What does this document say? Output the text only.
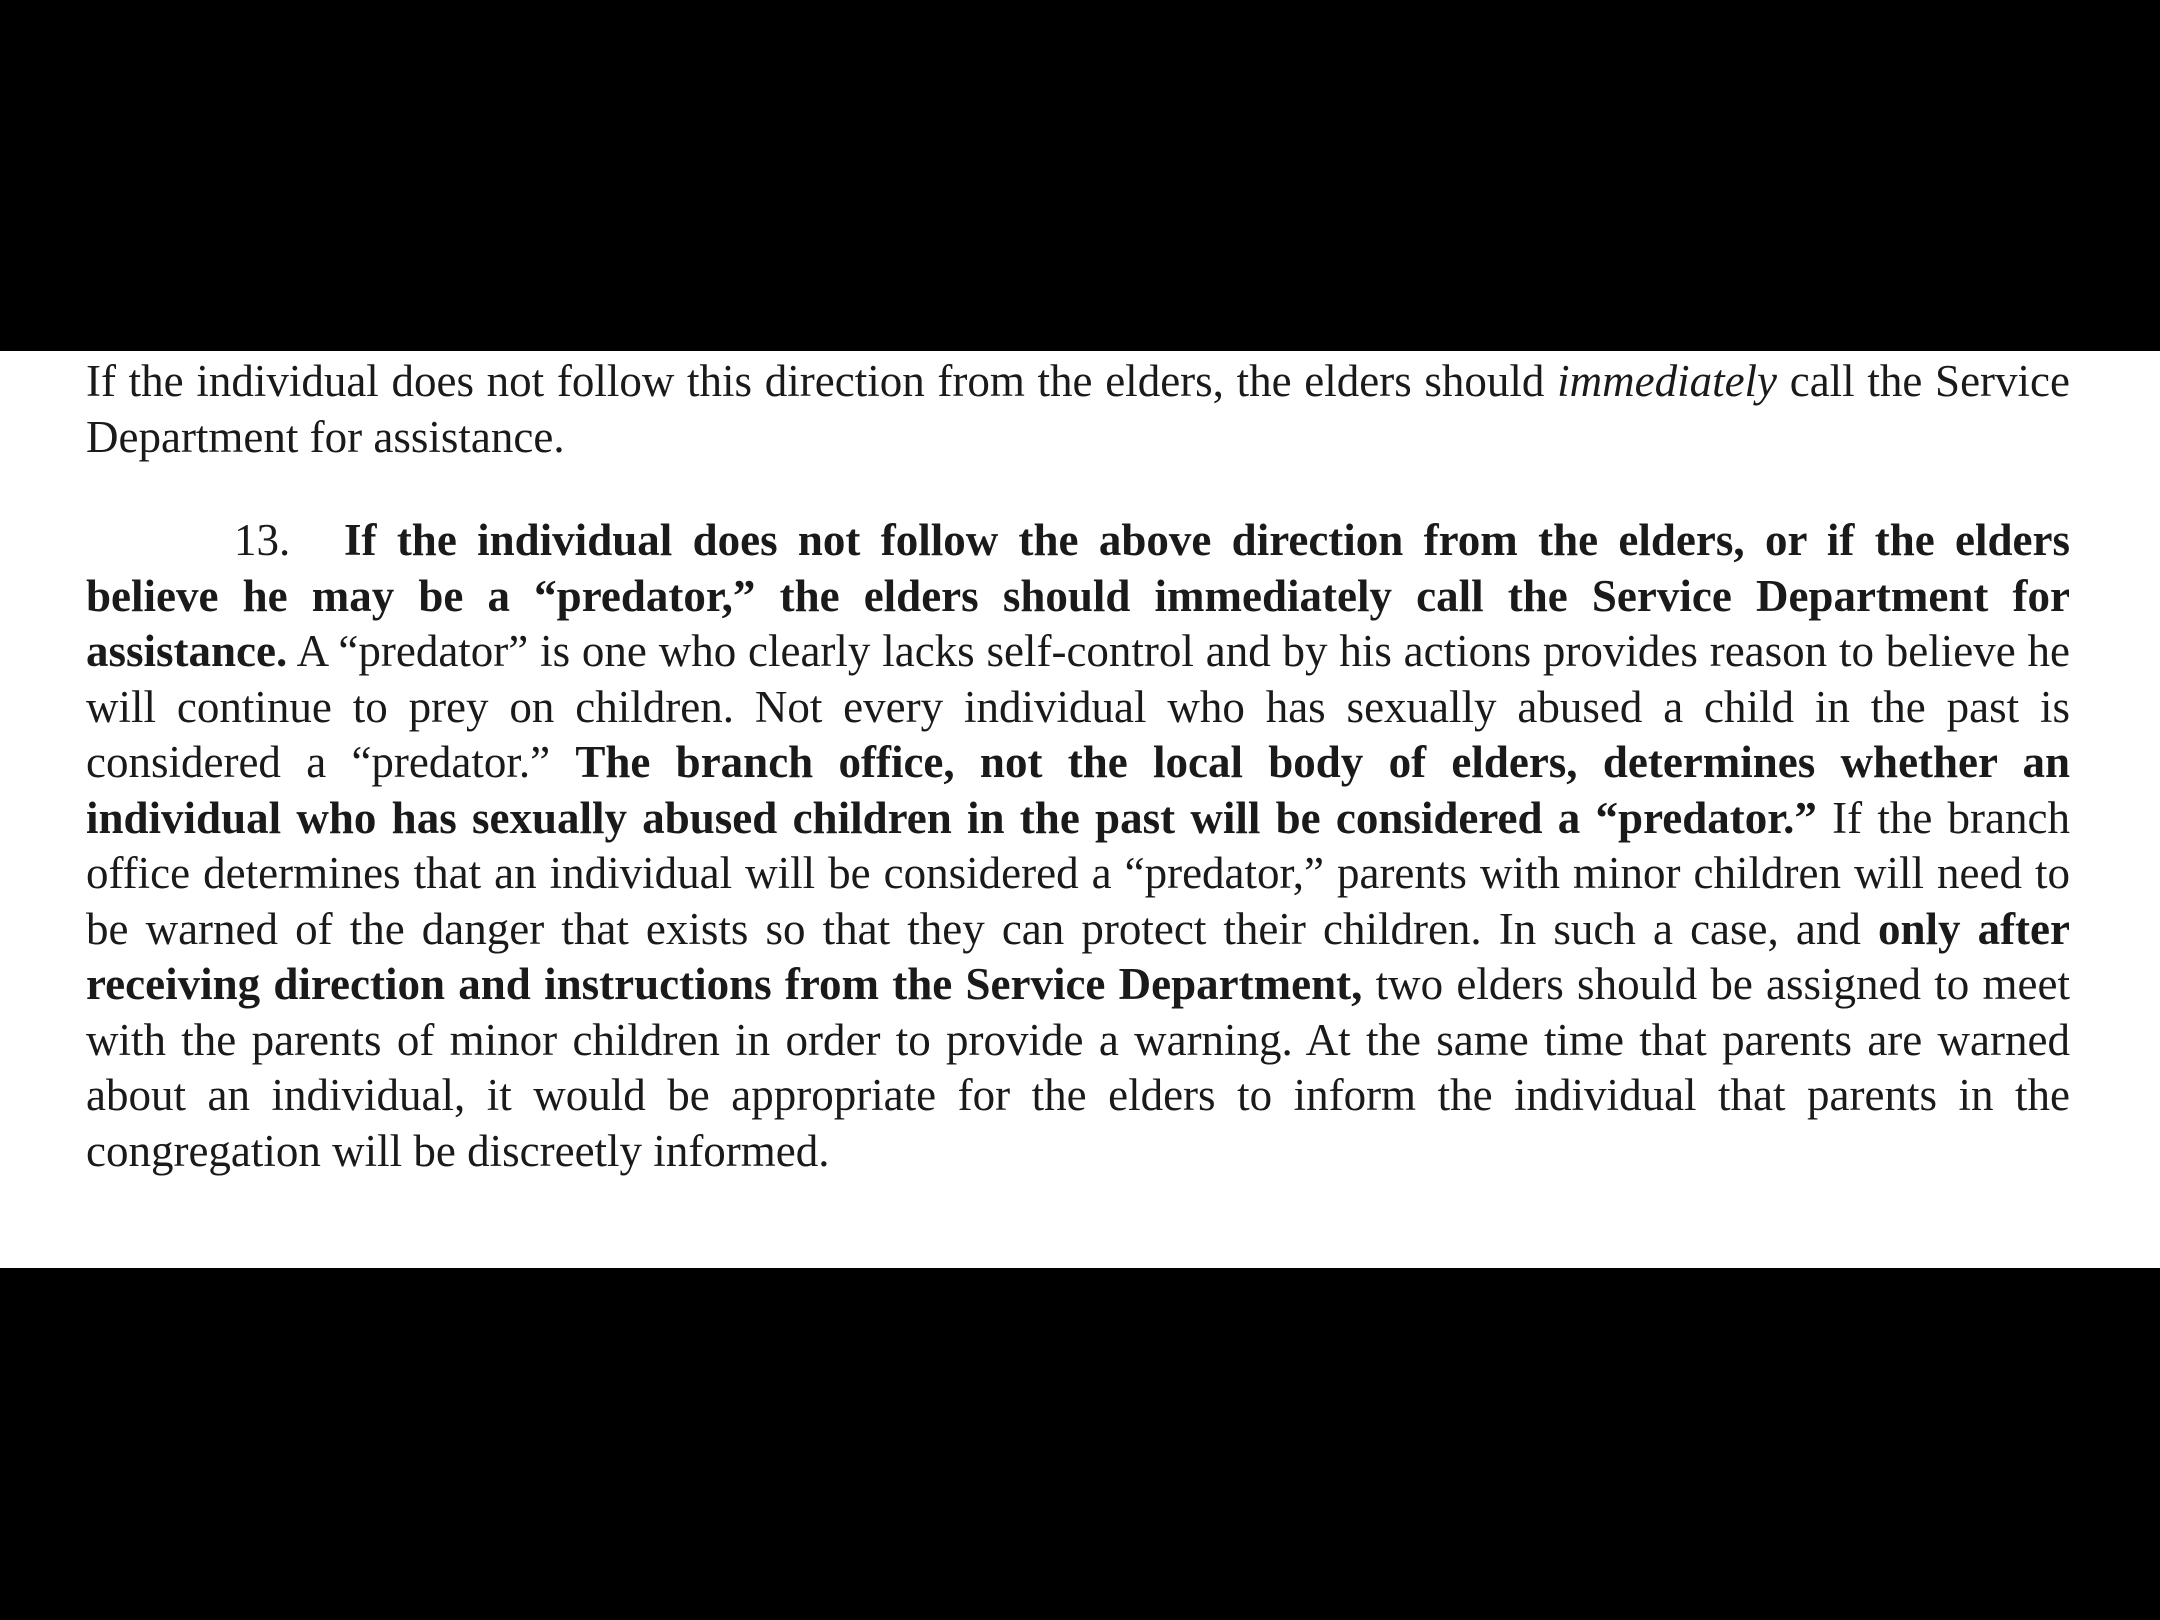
If the individual does not follow this direction from the elders, the elders should immediately call the Service Department for assistance.

13. If the individual does not follow the above direction from the elders, or if the elders believe he may be a “predator,” the elders should immediately call the Service Department for assistance. A “predator” is one who clearly lacks self-control and by his actions provides reason to believe he will continue to prey on children. Not every individual who has sexually abused a child in the past is considered a “predator.” The branch office, not the local body of elders, determines whether an individual who has sexually abused children in the past will be considered a “predator.” If the branch office determines that an individual will be considered a “predator,” parents with minor children will need to be warned of the danger that exists so that they can protect their children. In such a case, and only after receiving direction and instructions from the Service Department, two elders should be assigned to meet with the parents of minor children in order to provide a warning. At the same time that parents are warned about an individual, it would be appropriate for the elders to inform the individual that parents in the congregation will be discreetly informed.
